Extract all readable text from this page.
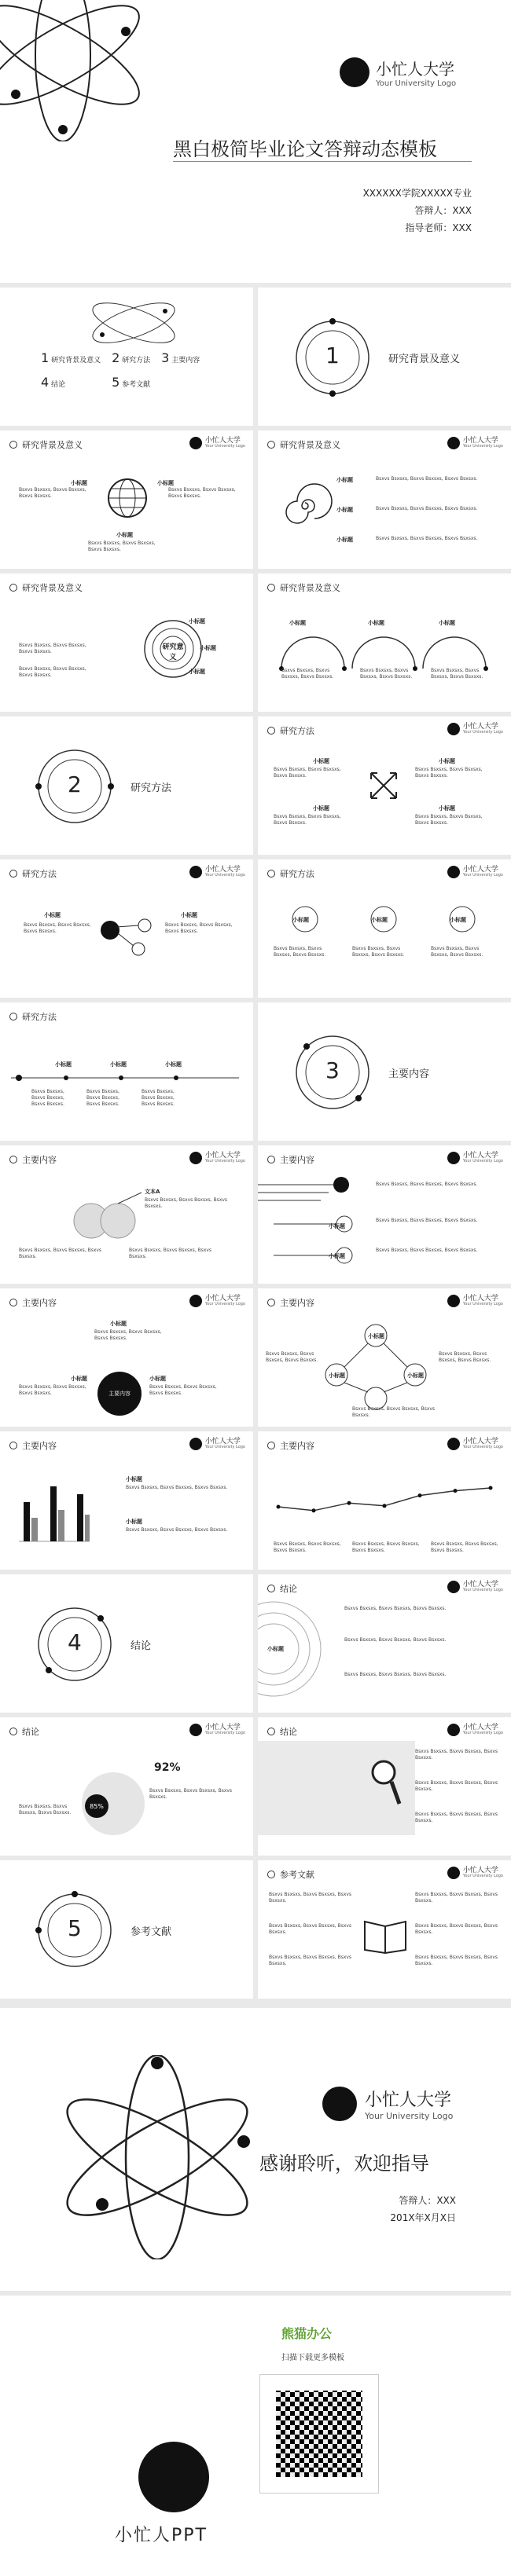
小忙人大学
Your University Logo
黑白极简毕业论文答辩动态模板
XXXXXX学院XXXXX专业
答辩人：XXX
指导老师：XXX
1 研究背景及意义 2 研究方法 3 主要内容
4 结论	5 参考文献
1	研究背景及意义
研究背景及意义	小忙人大学
Your University Logo
小标题	小标题
小标题
Bsxvs Bsxsxs, Bsxvs Bsxsxs, Bsxvs Bsxsxs.
Bsxvs Bsxsxs, Bsxvs Bsxsxs, Bsxvs Bsxsxs.
Bsxvs Bsxsxs, Bsxvs Bsxsxs, Bsxvs Bsxsxs.
研究背景及意义	小忙人大学
Your University Logo
小标题	Bsxvs Bsxsxs, Bsxvs Bsxsxs, Bsxvs Bsxsxs.
小标题	Bsxvs Bsxsxs, Bsxvs Bsxsxs, Bsxvs Bsxsxs.
小标题	Bsxvs Bsxsxs, Bsxvs Bsxsxs, Bsxvs Bsxsxs.
研究背景及意义
研究意义
小标题
小标题
小标题
Bsxvs Bsxsxs, Bsxvs Bsxsxs, Bsxvs Bsxsxs.
Bsxvs Bsxsxs, Bsxvs Bsxsxs, Bsxvs Bsxsxs.
研究背景及意义
小标题	小标题	小标题
Bsxvs Bsxsxs, Bsxvs Bsxsxs, Bsxvs Bsxsxs.
Bsxvs Bsxsxs, Bsxvs Bsxsxs, Bsxvs Bsxsxs.
Bsxvs Bsxsxs, Bsxvs Bsxsxs, Bsxvs Bsxsxs.
2	研究方法
研究方法	小忙人大学
Your University Logo
小标题
Bsxvs Bsxsxs, Bsxvs Bsxsxs, Bsxvs Bsxsxs.
小标题
Bsxvs Bsxsxs, Bsxvs Bsxsxs, Bsxvs Bsxsxs.
小标题
Bsxvs Bsxsxs, Bsxvs Bsxsxs, Bsxvs Bsxsxs.
小标题
Bsxvs Bsxsxs, Bsxvs Bsxsxs, Bsxvs Bsxsxs.
研究方法	小忙人大学
Your University Logo
小标题
Bsxvs Bsxsxs, Bsxvs Bsxsxs, Bsxvs Bsxsxs.
小标题
Bsxvs Bsxsxs, Bsxvs Bsxsxs, Bsxvs Bsxsxs.
研究方法	小忙人大学
Your University Logo
小标题	小标题	小标题
Bsxvs Bsxsxs, Bsxvs Bsxsxs, Bsxvs Bsxsxs.
Bsxvs Bsxsxs, Bsxvs Bsxsxs, Bsxvs Bsxsxs.
Bsxvs Bsxsxs, Bsxvs Bsxsxs, Bsxvs Bsxsxs.
研究方法
小标题	小标题	小标题
Bsxvs Bsxsxs, Bsxvs Bsxsxs, Bsxvs Bsxsxs.
Bsxvs Bsxsxs, Bsxvs Bsxsxs, Bsxvs Bsxsxs.
Bsxvs Bsxsxs, Bsxvs Bsxsxs, Bsxvs Bsxsxs.
3	主要内容
主要内容	小忙人大学
Your University Logo
文本A
Bsxvs Bsxsxs, Bsxvs Bsxsxs, Bsxvs Bsxsxs.
Bsxvs Bsxsxs, Bsxvs Bsxsxs, Bsxvs Bsxsxs.
Bsxvs Bsxsxs, Bsxvs Bsxsxs, Bsxvs Bsxsxs.
主要内容	小忙人大学
Your University Logo
小标题
小标题
Bsxvs Bsxsxs, Bsxvs Bsxsxs, Bsxvs Bsxsxs.
Bsxvs Bsxsxs, Bsxvs Bsxsxs, Bsxvs Bsxsxs.
Bsxvs Bsxsxs, Bsxvs Bsxsxs, Bsxvs Bsxsxs.
主要内容	小忙人大学
Your University Logo
主要内容
小标题
Bsxvs Bsxsxs, Bsxvs Bsxsxs, Bsxvs Bsxsxs.
小标题
Bsxvs Bsxsxs, Bsxvs Bsxsxs, Bsxvs Bsxsxs.
小标题
Bsxvs Bsxsxs, Bsxvs Bsxsxs, Bsxvs Bsxsxs.
主要内容	小忙人大学
Your University Logo
小标题
小标题	小标题
Bsxvs Bsxsxs, Bsxvs Bsxsxs, Bsxvs Bsxsxs.
Bsxvs Bsxsxs, Bsxvs Bsxsxs, Bsxvs Bsxsxs.
Bsxvs Bsxsxs, Bsxvs Bsxsxs, Bsxvs Bsxsxs.
主要内容	小忙人大学
Your University Logo
小标题
Bsxvs Bsxsxs, Bsxvs Bsxsxs, Bsxvs Bsxsxs.
小标题
Bsxvs Bsxsxs, Bsxvs Bsxsxs, Bsxvs Bsxsxs.
主要内容	小忙人大学
Your University Logo
Bsxvs Bsxsxs, Bsxvs Bsxsxs, Bsxvs Bsxsxs.
Bsxvs Bsxsxs, Bsxvs Bsxsxs, Bsxvs Bsxsxs.
Bsxvs Bsxsxs, Bsxvs Bsxsxs, Bsxvs Bsxsxs.
4	结论
结论	小忙人大学
Your University Logo
小标题
Bsxvs Bsxsxs, Bsxvs Bsxsxs, Bsxvs Bsxsxs.
Bsxvs Bsxsxs, Bsxvs Bsxsxs, Bsxvs Bsxsxs.
Bsxvs Bsxsxs, Bsxvs Bsxsxs, Bsxvs Bsxsxs.
结论	小忙人大学
Your University Logo
85%
92%
Bsxvs Bsxsxs, Bsxvs Bsxsxs, Bsxvs Bsxsxs.
Bsxvs Bsxsxs, Bsxvs Bsxsxs, Bsxvs Bsxsxs.
结论	小忙人大学
Your University Logo
Bsxvs Bsxsxs, Bsxvs Bsxsxs, Bsxvs Bsxsxs.
Bsxvs Bsxsxs, Bsxvs Bsxsxs, Bsxvs Bsxsxs.
Bsxvs Bsxsxs, Bsxvs Bsxsxs, Bsxvs Bsxsxs.
5	参考文献
参考文献	小忙人大学
Your University Logo
Bsxvs Bsxsxs, Bsxvs Bsxsxs, Bsxvs Bsxsxs.
Bsxvs Bsxsxs, Bsxvs Bsxsxs, Bsxvs Bsxsxs.
Bsxvs Bsxsxs, Bsxvs Bsxsxs, Bsxvs Bsxsxs.
Bsxvs Bsxsxs, Bsxvs Bsxsxs, Bsxvs Bsxsxs.
Bsxvs Bsxsxs, Bsxvs Bsxsxs, Bsxvs Bsxsxs.
Bsxvs Bsxsxs, Bsxvs Bsxsxs, Bsxvs Bsxsxs.
小忙人大学
Your University Logo
感谢聆听，欢迎指导
答辩人：XXX
201X年X月X日
小忙人PPT
熊猫办公
扫描下载更多模板
